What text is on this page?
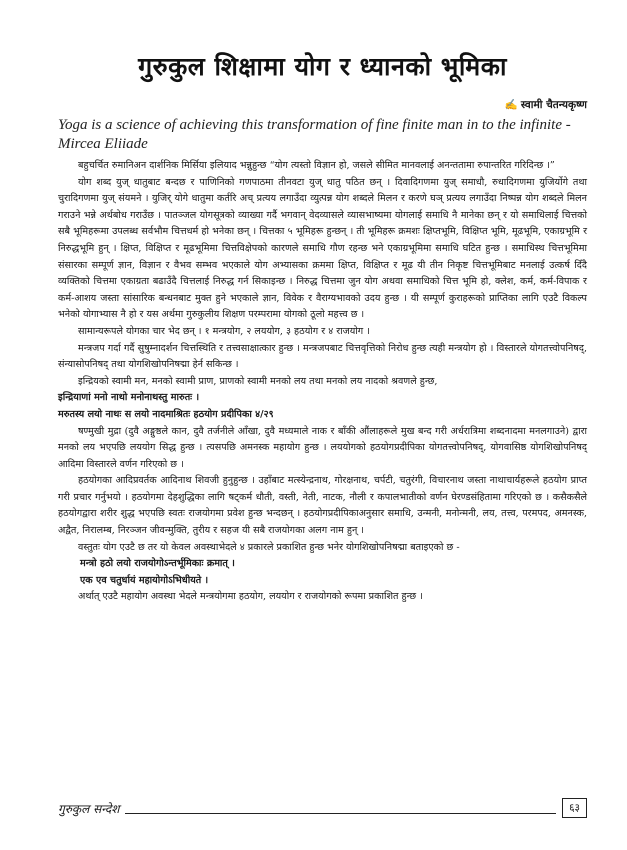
गुरुकुल शिक्षामा योग र ध्यानको भूमिका
✍ स्वामी चैतन्यकृष्ण

Yoga is a science of achieving this transformation of fine finite man in to the infinite - Mircea Eliiade

बहुचर्चित रुमानिअन दार्शनिक मिर्सिया इलियाद भन्नुहुन्छ “योग त्यस्तो विज्ञान हो, जसले सीमित मानवलाई अनन्ततामा रुपान्तरित गरिदिन्छ ।”

योग शब्द युज् धातुबाट बन्दछ र पाणिनिको गणपाठमा तीनवटा युज् धातु पठित छन् । दिवादिगणमा युज् समाधौ, रुधादिगणमा युजिर्योगे तथा चुरादिगणमा युज् संयमने । युजिर् योगे धातुमा कर्तरि अच् प्रत्यय लगाउँदा व्युत्पन्न योग शब्दले मिलन र करणे घञ् प्रत्यय लगाउँदा निष्पन्न योग शब्दले मिलन गराउने भन्ने अर्थबोध गराउँछ । पातञ्जल योगसूत्रको व्याख्या गर्दै भगवान् वेदव्यासले व्यासभाष्यमा योगलाई समाधि नै मानेका छन् र यो समाधिलाई चित्तको सबै भूमिहरूमा उपलब्ध सर्वभौम चित्तधर्म हो भनेका छन् । चित्तका ५ भूमिहरू हुन्छन् । ती भूमिहरू क्रमशः क्षिप्तभूमि, विक्षिप्त भूमि, मूढभूमि, एकाग्रभूमि र निरुद्धभूमि हुन् । क्षिप्त, विक्षिप्त र मूढभूमिमा चित्तविक्षेपको कारणले समाधि गौण रहन्छ भने एकाग्रभूमिमा समाधि घटित हुन्छ । समाधिस्थ चित्तभूमिमा संसारका सम्पूर्ण ज्ञान, विज्ञान र वैभव सम्भव भएकाले योग अभ्यासका क्रममा क्षिप्त, विक्षिप्त र मूढ यी तीन निकृष्ट चित्तभूमिबाट मनलाई उत्कर्ष दिँदै व्यक्तिको चित्तमा एकाग्रता बढाउँदै चित्तलाई निरुद्ध गर्न सिकाइन्छ । निरुद्ध चित्तमा जुन योग अथवा समाधिको चित्त भूमि हो, क्लेश, कर्म, कर्म-विपाक र कर्म-आशय जस्ता सांसारिक बन्धनबाट मुक्त हुने भएकाले ज्ञान, विवेक र वैराग्यभावको उदय हुन्छ । यी सम्पूर्ण कुराहरूको प्राप्तिका लागि एउटै विकल्प भनेको योगाभ्यास नै हो र यस अर्थमा गुरुकुलीय शिक्षण परम्परामा योगको ठूलो महत्त्व छ ।

सामान्यरूपले योगका चार भेद छन् । १ मन्त्रयोग, २ लययोग, ३ हठयोग र ४ राजयोग ।

मन्त्रजप गर्दा गर्दै सुषुम्नादर्शन चित्तस्थिति र तत्त्वसाक्षात्कार हुन्छ । मन्त्रजपबाट चित्तवृत्तिको निरोध हुन्छ त्यही मन्त्रयोग हो । विस्तारले योगतत्त्वोपनिषद्, संन्यासोपनिषद् तथा योगशिखोपनिषद्मा हेर्न सकिन्छ ।

इन्द्रियको स्वामी मन, मनको स्वामी प्राण, प्राणको स्वामी मनको लय तथा मनको लय नादको श्रवणले हुन्छ,

इन्द्रियाणां मनो नाथो मनोनाथस्तु मारुतः ।

मरुतस्य लयो नाथः स लयो नादमाश्रितः हठयोग प्रदीपिका ४/२९

षण्मुखी मुद्रा (दुवै अङ्गुष्ठले कान, दुवै तर्जनीले आँखा, दुवै मध्यमाले नाक र बाँकी औंलाहरूले मुख बन्द गरी अर्धरात्रिमा शब्दनादमा मनलगाउने) द्वारा मनको लय भएपछि लययोग सिद्ध हुन्छ । त्यसपछि अमनस्क महायोग हुन्छ । लययोगको हठयोगप्रदीपिका योगतत्त्वोपनिषद्, योगवासिष्ठ योगशिखोपनिषद् आदिमा विस्तारले वर्णन गरिएको छ ।

हठयोगका आदिप्रवर्तक आदिनाथ शिवजी हुनुहुन्छ । उहाँबाट मत्स्येन्द्रनाथ, गोरक्षनाथ, चर्पटी, चतुरंगी, विचारनाथ जस्ता नाथाचार्यहरूले हठयोग प्राप्त गरी प्रचार गर्नुभयो । हठयोगमा देहशुद्धिका लागि षट्कर्म धौती, वस्ती, नेती, नाटक, नौली र कपालभातीको वर्णन घेरण्डसंहितामा गरिएको छ । कसैकसैले हठयोगद्वारा शरीर शुद्ध भएपछि स्वतः राजयोगमा प्रवेश हुन्छ भन्दछन् । हठयोगप्रदीपिकाअनुसार समाधि, उन्मनी, मनोन्मनी, लय, तत्त्व, परमपद, अमनस्क, अद्वैत, निरालम्ब, निरञ्जन जीवन्मुक्ति, तुरीय र सहज यी सबै राजयोगका अलग नाम हुन् ।

वस्तुतः योग एउटै छ तर यो केवल अवस्थाभेदले ४ प्रकारले प्रकाशित हुन्छ भनेर योगशिखोपनिषद्मा बताइएको छ -

मन्त्रो हठो लयो राजयोगोऽन्तर्भूमिकाः क्रमात् ।

एक एव चतुर्धायं महायोगोऽभिधीयते ।

अर्थात् एउटै महायोग अवस्था भेदले मन्त्रयोगमा हठयोग, लययोग र राजयोगको रूपमा प्रकाशित हुन्छ ।

गुरुकुल सन्देश	६३
